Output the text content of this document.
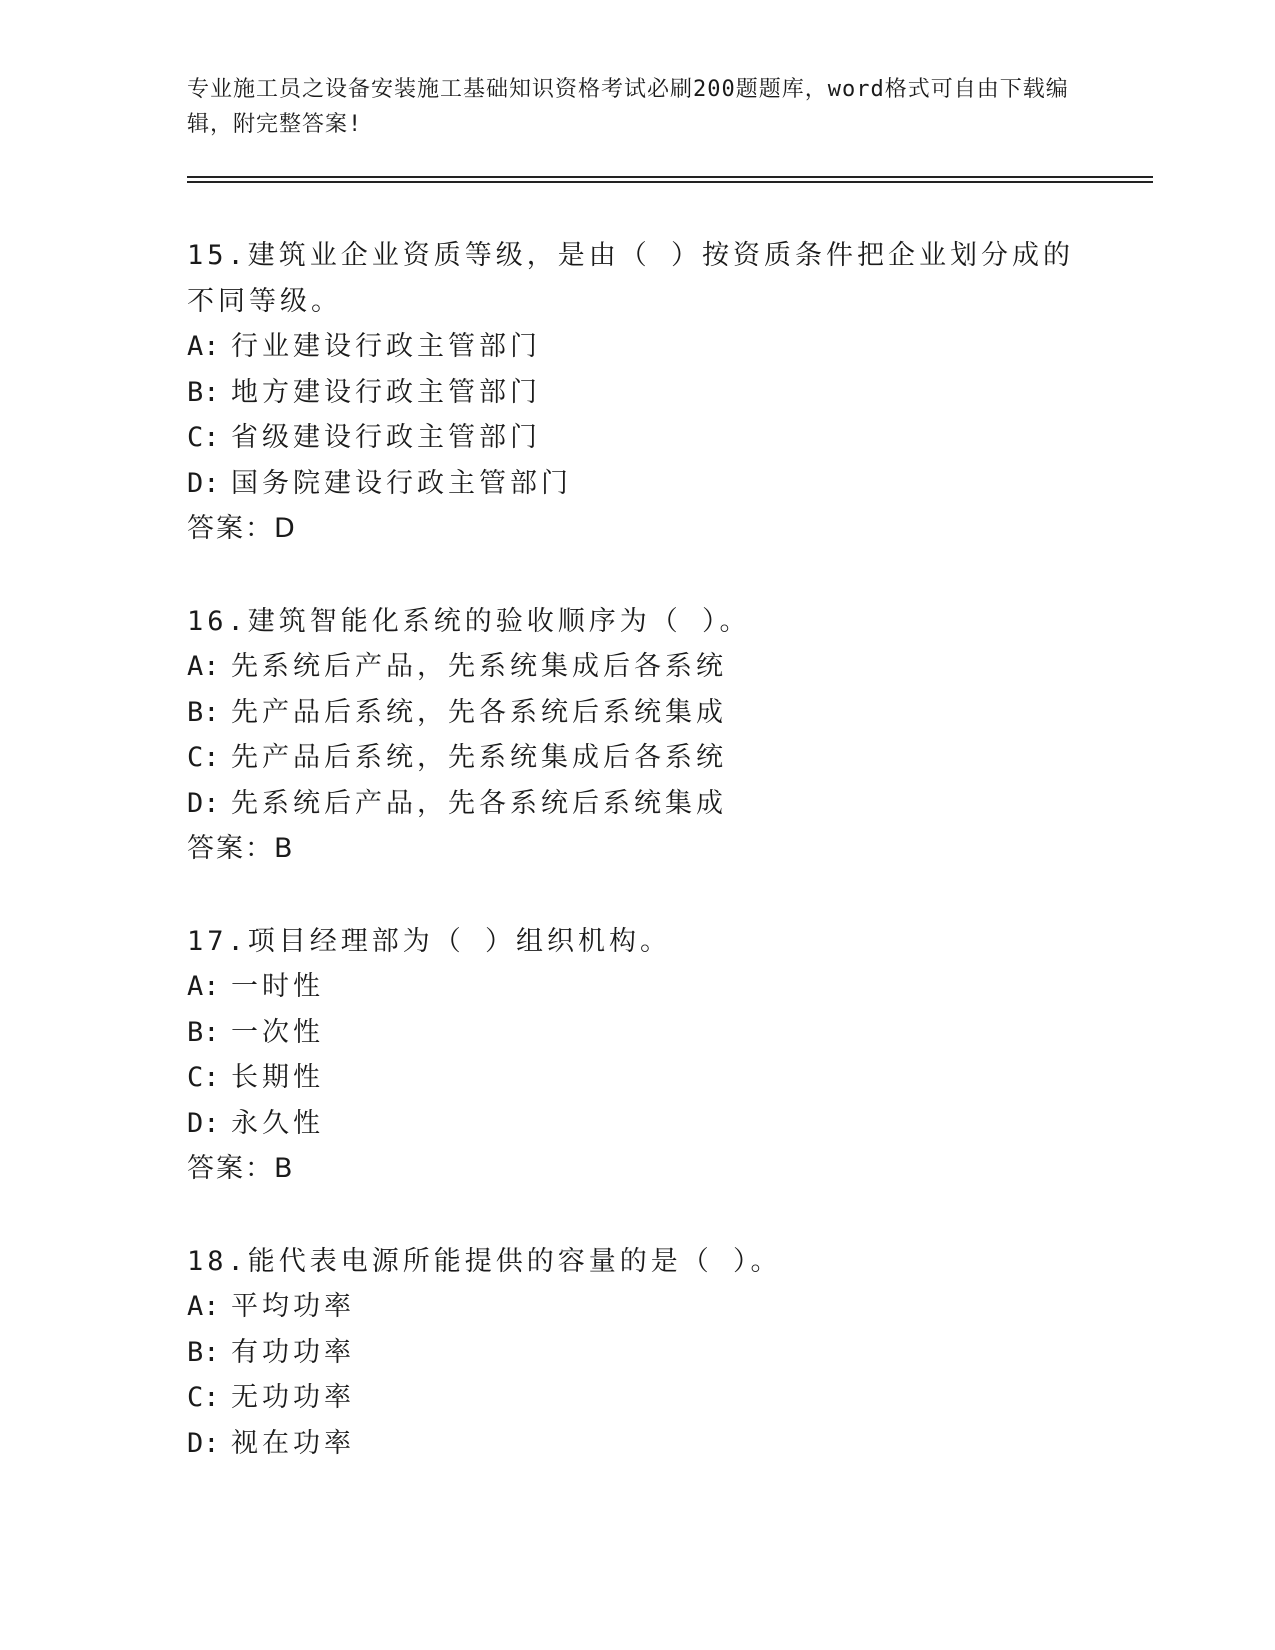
专业施工员之设备安装施工基础知识资格考试必刷200题题库，word格式可自由下载编辑，附完整答案!
15.建筑业企业资质等级，是由（ ）按资质条件把企业划分成的不同等级。
A: 行业建设行政主管部门
B: 地方建设行政主管部门
C: 省级建设行政主管部门
D: 国务院建设行政主管部门
答案：D
16.建筑智能化系统的验收顺序为（ ）。
A: 先系统后产品，先系统集成后各系统
B: 先产品后系统，先各系统后系统集成
C: 先产品后系统，先系统集成后各系统
D: 先系统后产品，先各系统后系统集成
答案：B
17.项目经理部为（ ）组织机构。
A: 一时性
B: 一次性
C: 长期性
D: 永久性
答案：B
18.能代表电源所能提供的容量的是（ ）。
A: 平均功率
B: 有功功率
C: 无功功率
D: 视在功率
